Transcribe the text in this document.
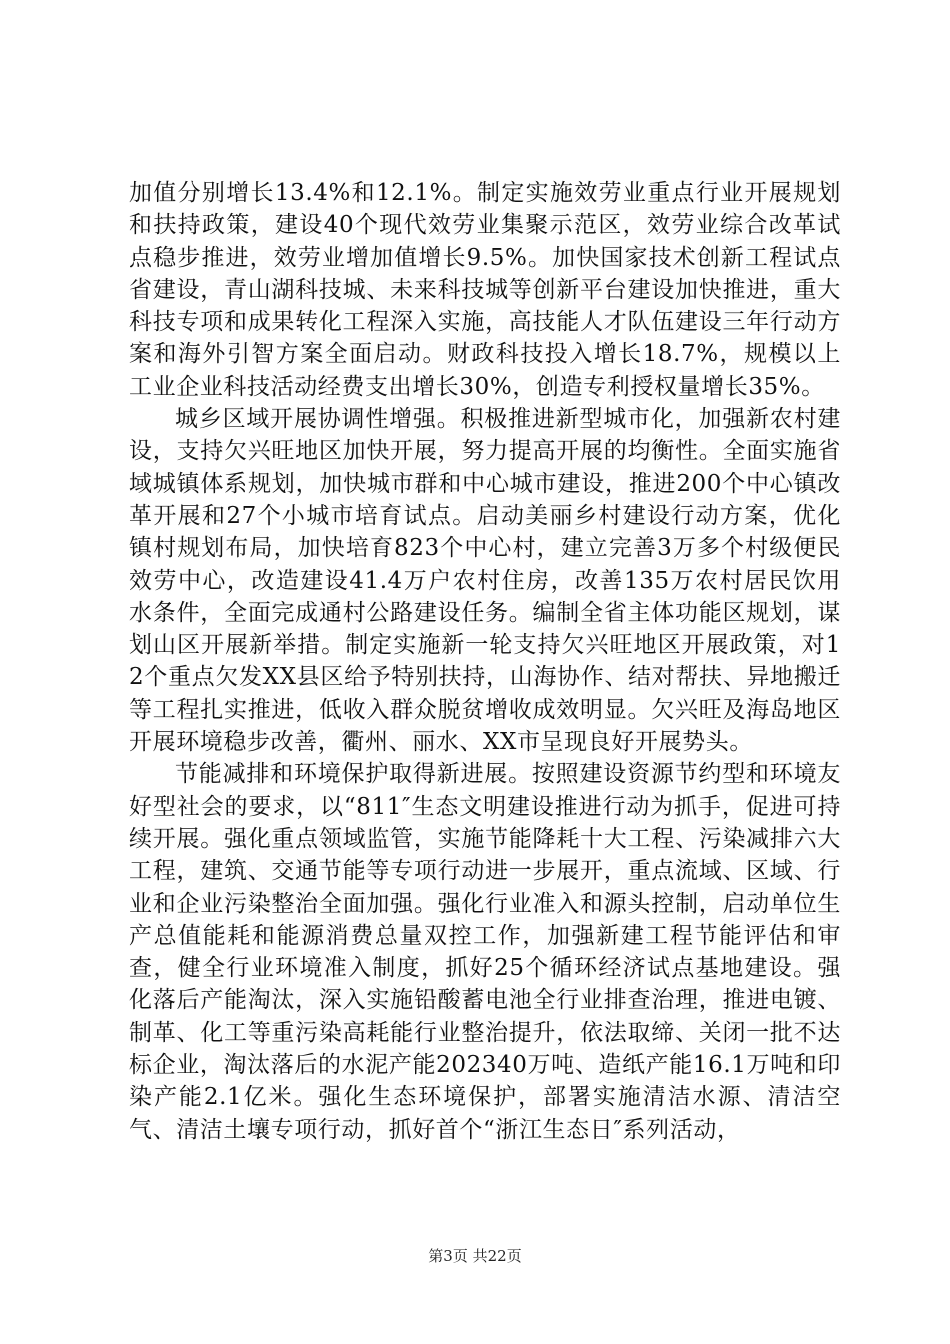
加值分别增长13.4%和12.1%。制定实施效劳业重点行业开展规划和扶持政策，建设40个现代效劳业集聚示范区，效劳业综合改革试点稳步推进，效劳业增加值增长9.5%。加快国家技术创新工程试点省建设，青山湖科技城、未来科技城等创新平台建设加快推进，重大科技专项和成果转化工程深入实施，高技能人才队伍建设三年行动方案和海外引智方案全面启动。财政科技投入增长18.7%，规模以上工业企业科技活动经费支出增长30%，创造专利授权量增长35%。

城乡区域开展协调性增强。积极推进新型城市化，加强新农村建设，支持欠兴旺地区加快开展，努力提高开展的均衡性。全面实施省域城镇体系规划，加快城市群和中心城市建设，推进200个中心镇改革开展和27个小城市培育试点。启动美丽乡村建设行动方案，优化镇村规划布局，加快培育823个中心村，建立完善3万多个村级便民效劳中心，改造建设41.4万户农村住房，改善135万农村居民饮用水条件，全面完成通村公路建设任务。编制全省主体功能区规划，谋划山区开展新举措。制定实施新一轮支持欠兴旺地区开展政策，对12个重点欠发XX县区给予特别扶持，山海协作、结对帮扶、异地搬迁等工程扎实推进，低收入群众脱贫增收成效明显。欠兴旺及海岛地区开展环境稳步改善，衢州、丽水、XX市呈现良好开展势头。

节能减排和环境保护取得新进展。按照建设资源节约型和环境友好型社会的要求，以“811″生态文明建设推进行动为抓手，促进可持续开展。强化重点领域监管，实施节能降耗十大工程、污染减排六大工程，建筑、交通节能等专项行动进一步展开，重点流域、区域、行业和企业污染整治全面加强。强化行业准入和源头控制，启动单位生产总值能耗和能源消费总量双控工作，加强新建工程节能评估和审查，健全行业环境准入制度，抓好25个循环经济试点基地建设。强化落后产能淘汰，深入实施铅酸蓄电池全行业排查治理，推进电镀、制革、化工等重污染高耗能行业整治提升，依法取缔、关闭一批不达标企业，淘汰落后的水泥产能202340万吨、造纸产能16.1万吨和印染产能2.1亿米。强化生态环境保护，部署实施清洁水源、清洁空气、清洁土壤专项行动，抓好首个“浙江生态日″系列活动，

第3页 共22页
